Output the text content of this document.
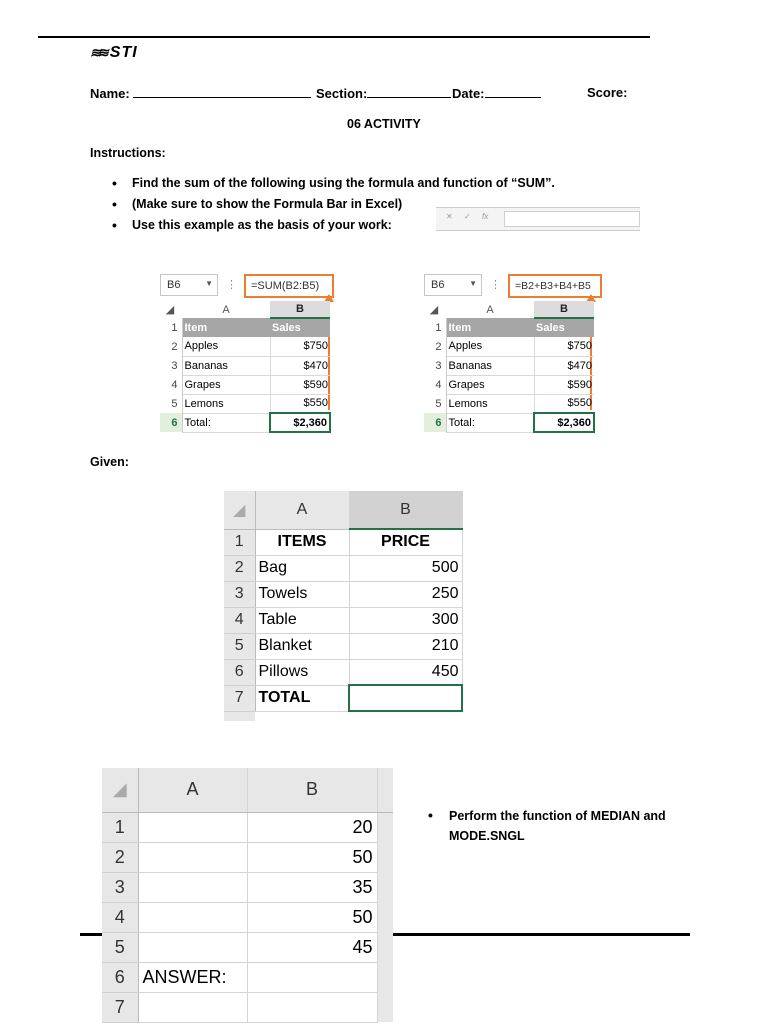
≋≋ STI
Name:	Section:	Date:	Score:
06 ACTIVITY
Instructions:
• Find the sum of the following using the formula and function of “SUM”.
• (Make sure to show the Formula Bar in Excel)
• Use this example as the basis of your work:
✕ ✓ fx
B6	▼ ⋮	=SUM(B2:B5)
◢	A	B
1	Item	Sales
2	Apples	$750
3	Bananas	$470
4	Grapes	$590
5	Lemons	$550
6	Total:	$2,360
B6	▼ ⋮	=B2+B3+B4+B5
◢	A	B
1	Item	Sales
2	Apples	$750
3	Bananas	$470
4	Grapes	$590
5	Lemons	$550
6	Total:	$2,360
Given:
◢	A	B
1	ITEMS	PRICE
2	Bag	500
3	Towels	250
4	Table	300
5	Blanket	210
6	Pillows	450
7	TOTAL	

◢	A	B	
1		20	
2		50	
3		35	
4		50	
5		45	
6	ANSWER:		
7			
• Perform the function of MEDIAN and MODE.SNGL
